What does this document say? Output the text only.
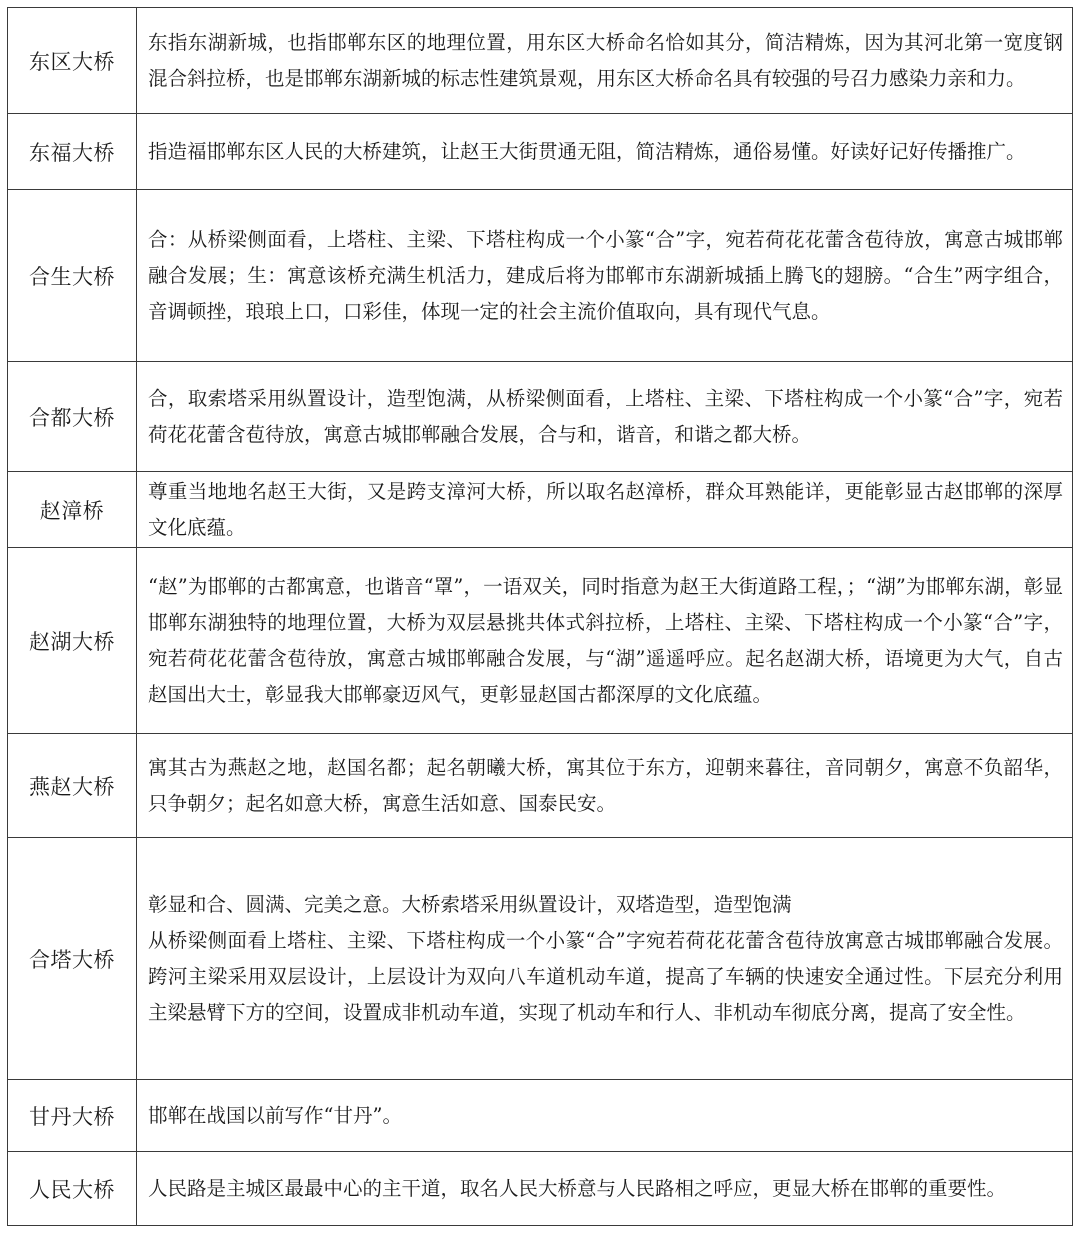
东区大桥	东指东湖新城，也指邯郸东区的地理位置，用东区大桥命名恰如其分，简洁精炼，因为其河北第一宽度钢混合斜拉桥，也是邯郸东湖新城的标志性建筑景观，用东区大桥命名具有较强的号召力感染力亲和力。

东福大桥	指造福邯郸东区人民的大桥建筑，让赵王大街贯通无阻，简洁精炼，通俗易懂。好读好记好传播推广。

合生大桥	合：从桥梁侧面看，上塔柱、主梁、下塔柱构成一个小篆“合”字，宛若荷花花蕾含苞待放，寓意古城邯郸融合发展；生：寓意该桥充满生机活力，建成后将为邯郸市东湖新城插上腾飞的翅膀。“合生”两字组合，音调顿挫，琅琅上口，口彩佳，体现一定的社会主流价值取向，具有现代气息。

合都大桥	合，取索塔采用纵置设计，造型饱满，从桥梁侧面看，上塔柱、主梁、下塔柱构成一个小篆“合”字，宛若荷花花蕾含苞待放，寓意古城邯郸融合发展，合与和，谐音，和谐之都大桥。

赵漳桥	尊重当地地名赵王大街，又是跨支漳河大桥，所以取名赵漳桥，群众耳熟能详，更能彰显古赵邯郸的深厚文化底蕴。

赵湖大桥	“赵”为邯郸的古都寓意，也谐音“罩”，一语双关，同时指意为赵王大街道路工程，；“湖”为邯郸东湖，彰显邯郸东湖独特的地理位置，大桥为双层悬挑共体式斜拉桥，上塔柱、主梁、下塔柱构成一个小篆“合”字，宛若荷花花蕾含苞待放，寓意古城邯郸融合发展，与“湖”遥遥呼应。起名赵湖大桥，语境更为大气，自古赵国出大士，彰显我大邯郸豪迈风气，更彰显赵国古都深厚的文化底蕴。

燕赵大桥	寓其古为燕赵之地，赵国名都；起名朝曦大桥，寓其位于东方，迎朝来暮往，音同朝夕，寓意不负韶华，只争朝夕；起名如意大桥，寓意生活如意、国泰民安。

合塔大桥	彰显和合、圆满、完美之意。大桥索塔采用纵置设计，双塔造型，造型饱满

从桥梁侧面看上塔柱、主梁、下塔柱构成一个小篆“合”字宛若荷花花蕾含苞待放寓意古城邯郸融合发展。跨河主梁采用双层设计，上层设计为双向八车道机动车道，提高了车辆的快速安全通过性。下层充分利用主梁悬臂下方的空间，设置成非机动车道，实现了机动车和行人、非机动车彻底分离，提高了安全性。

甘丹大桥	邯郸在战国以前写作“甘丹”。

人民大桥	人民路是主城区最最中心的主干道，取名人民大桥意与人民路相之呼应，更显大桥在邯郸的重要性。
